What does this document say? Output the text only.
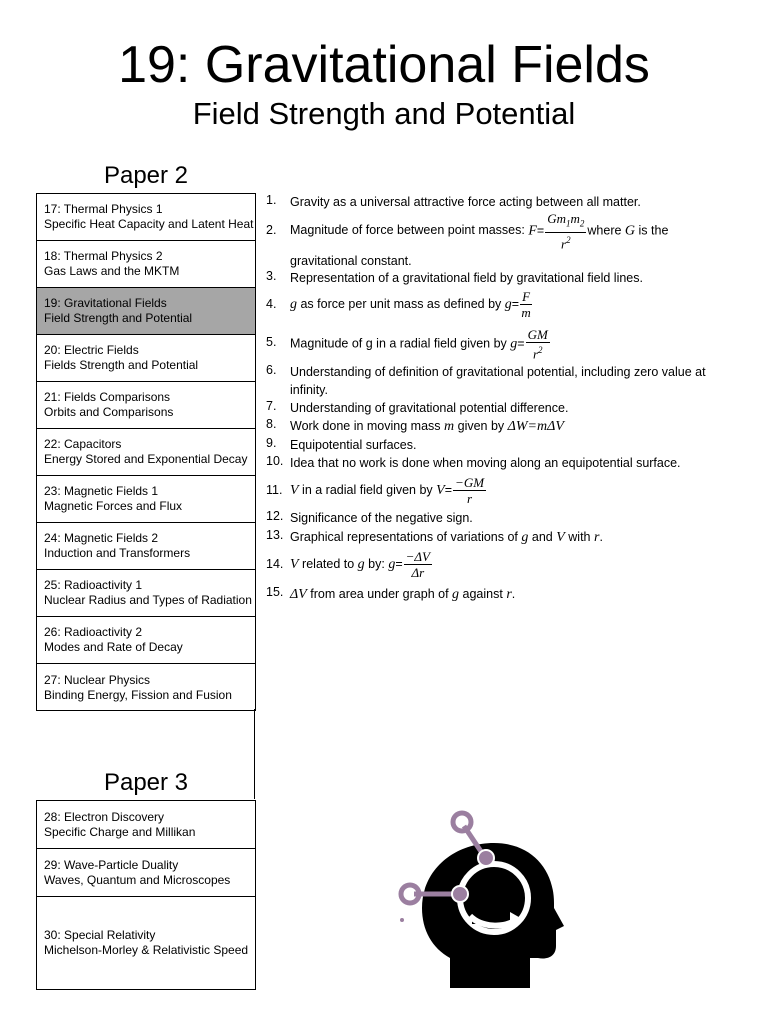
19: Gravitational Fields
Field Strength and Potential
Paper 2
17: Thermal Physics 1
Specific Heat Capacity and Latent Heat
18: Thermal Physics 2
Gas Laws and the MKTM
19: Gravitational Fields
Field Strength and Potential
20: Electric Fields
Fields Strength and Potential
21: Fields Comparisons
Orbits and Comparisons
22: Capacitors
Energy Stored and Exponential Decay
23: Magnetic Fields 1
Magnetic Forces and Flux
24: Magnetic Fields 2
Induction and Transformers
25: Radioactivity 1
Nuclear Radius and Types of Radiation
26: Radioactivity 2
Modes and Rate of Decay
27: Nuclear Physics
Binding Energy, Fission and Fusion
Paper 3
28: Electron Discovery
Specific Charge and Millikan
29: Wave-Particle Duality
Waves, Quantum and Microscopes
30: Special Relativity
Michelson-Morley & Relativistic Speed
1.	Gravity as a universal attractive force acting between all matter.
2.	Magnitude of force between point masses: $F= \frac{Gm_1m_2}{r^2}$ where G is the gravitational constant.
3.	Representation of a gravitational field by gravitational field lines.
4. g as force per unit mass as defined by $g= \frac{F}{m}$
5.	Magnitude of g in a radial field given by $g= \frac{GM}{r^2}$
6.	Understanding of definition of gravitational potential, including zero value at infinity.
7.	Understanding of gravitational potential difference.
8.	Work done in moving mass m given by ΔW=mΔV
9.	Equipotential surfaces.
10. Idea that no work is done when moving along an equipotential surface.
11. V in a radial field given by $V= \frac{-GM}{r}$
12. Significance of the negative sign.
13. Graphical representations of variations of g and V with r.
14. V related to g by: $g= \frac{-\Delta V}{\Delta r}$
15. ΔV from area under graph of g against r.
